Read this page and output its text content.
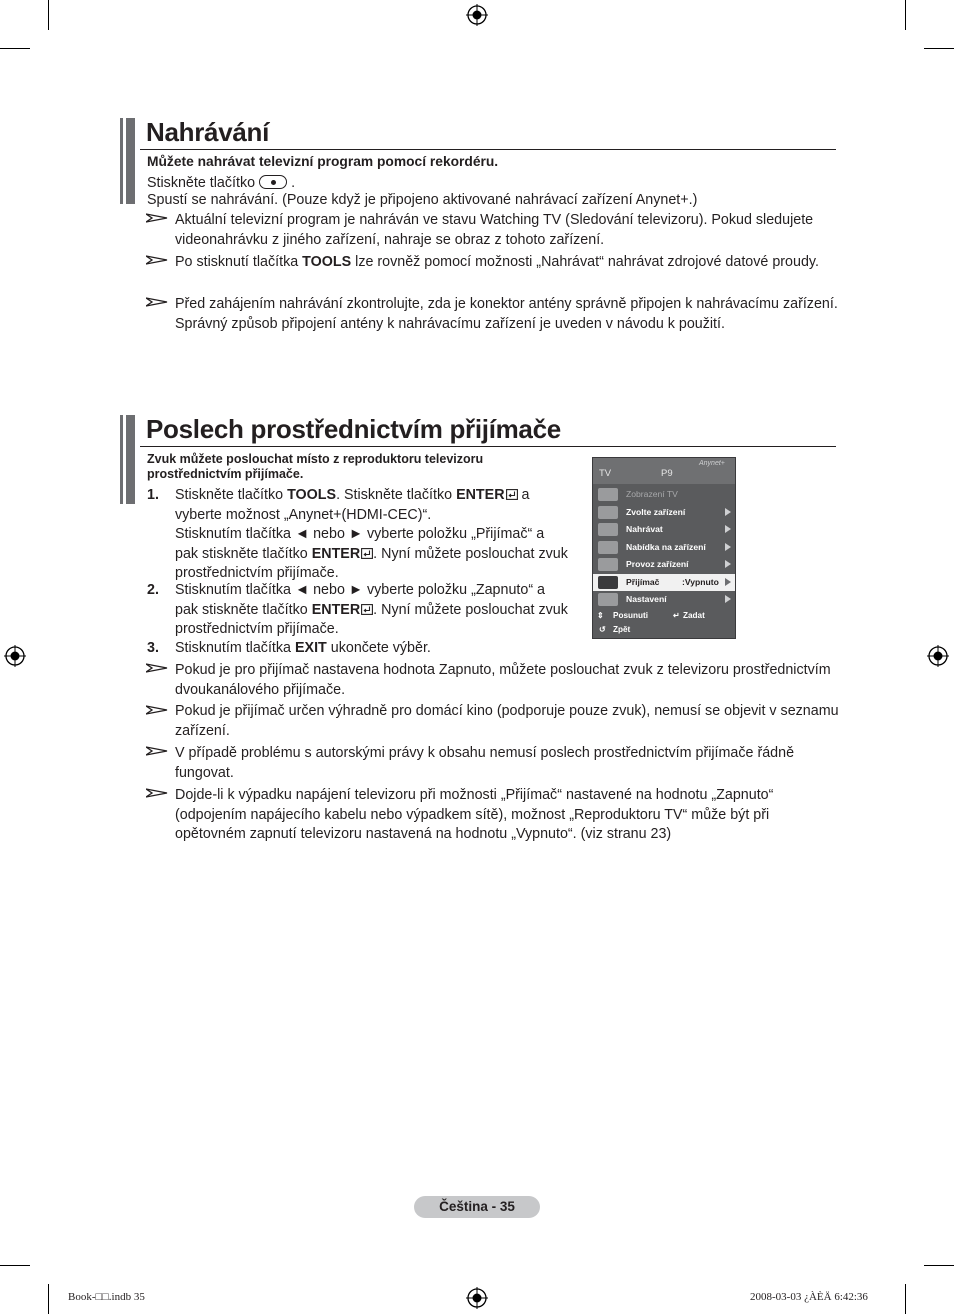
Nahrávání
Můžete nahrávat televizní program pomocí rekordéru.
Stiskněte tlačítko	.
Spustí se nahrávání. (Pouze když je připojeno aktivované nahrávací zařízení Anynet+.)
Aktuální televizní program je nahráván ve stavu Watching TV (Sledování televizoru). Pokud sledujete videonahrávku z jiného zařízení, nahraje se obraz z tohoto zařízení.
Po stisknutí tlačítka TOOLS lze rovněž pomocí možnosti „Nahrávat“ nahrávat zdrojové datové proudy.
Před zahájením nahrávání zkontrolujte, zda je konektor antény správně připojen k nahrávacímu zařízení. Správný způsob připojení antény k nahrávacímu zařízení je uveden v návodu k použití.
Poslech prostřednictvím přijímače
Zvuk můžete poslouchat místo z reproduktoru televizoru prostřednictvím přijímače.
1. Stiskněte tlačítko TOOLS. Stiskněte tlačítko ENTER a vyberte možnost „Anynet+(HDMI-CEC)“.
Stisknutím tlačítka ◄ nebo ► vyberte položku „Přijímač“ a pak stiskněte tlačítko ENTER . Nyní můžete poslouchat zvuk prostřednictvím přijímače.
2. Stisknutím tlačítka ◄ nebo ► vyberte položku „Zapnuto“ a pak stiskněte tlačítko ENTER . Nyní můžete poslouchat zvuk prostřednictvím přijímače.
3. Stisknutím tlačítka EXIT ukončete výběr.
Pokud je pro přijímač nastavena hodnota Zapnuto, můžete poslouchat zvuk z televizoru prostřednictvím dvoukanálového přijímače.
Pokud je přijímač určen výhradně pro domácí kino (podporuje pouze zvuk), nemusí se objevit v seznamu zařízení.
V případě problému s autorskými právy k obsahu nemusí poslech prostřednictvím přijímače řádně fungovat.
Dojde-li k výpadku napájení televizoru při možnosti „Přijímač“ nastavené na hodnotu „Zapnuto“ (odpojením napájecího kabelu nebo výpadkem sítě), možnost „Reproduktoru TV“ může být při opětovném zapnutí televizoru nastavená na hodnotu „Vypnuto“. (viz stranu 23)
TV	P9
Anynet+
Zobrazení TV
Zvolte zařízení
Nahrávat
Nabídka na zařízení
Provoz zařízení
Přijímač	:Vypnuto
Nastavení
⇕ Posunuti	↵ Zadat
↺ Zpět
Čeština - 35
Book-□□.indb 35	2008-03-03 ¿ÀÈÄ 6:42:36
